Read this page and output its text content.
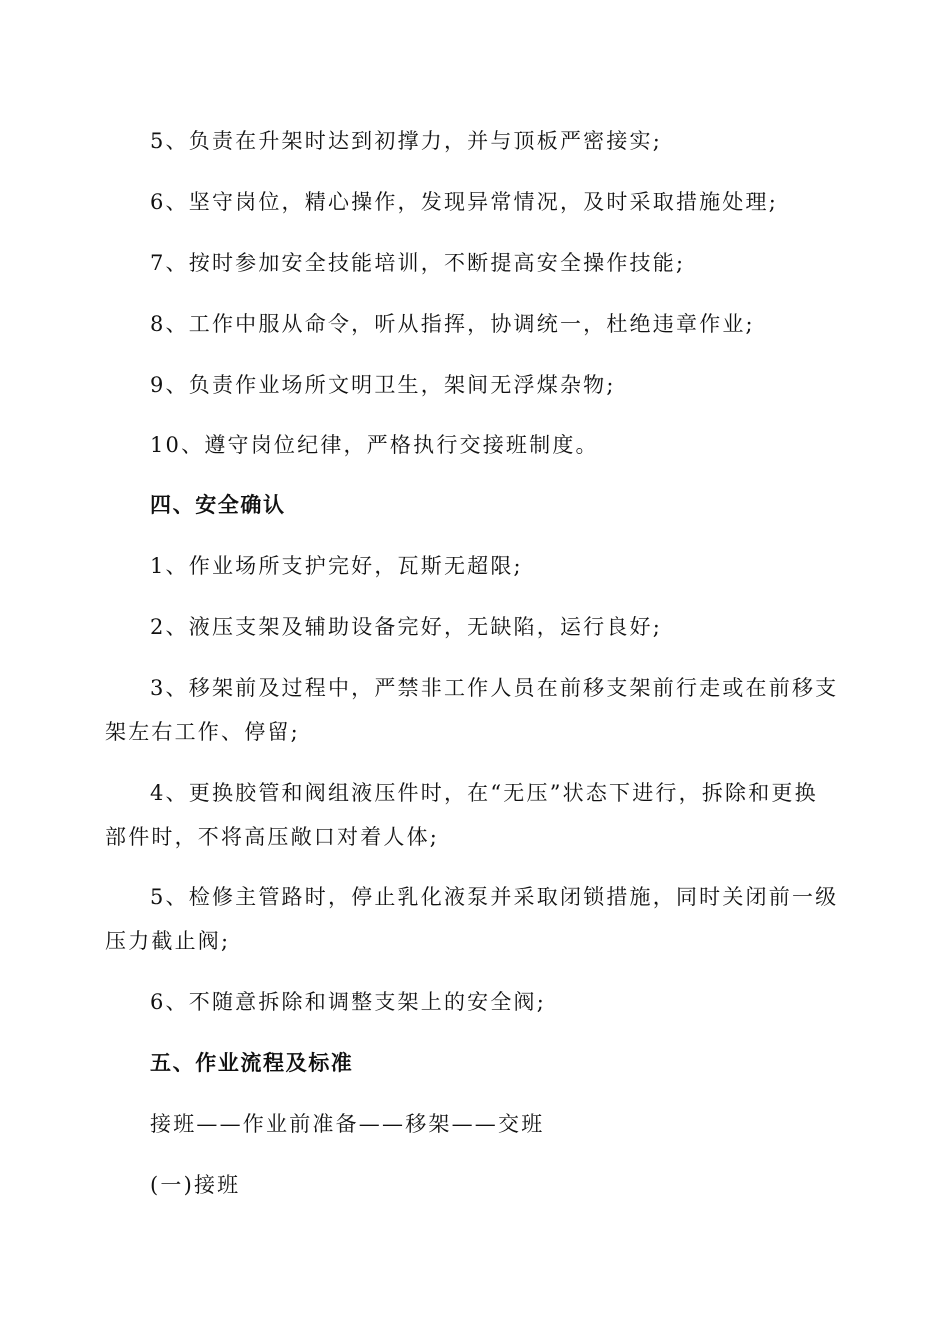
5、负责在升架时达到初撑力，并与顶板严密接实;
6、坚守岗位，精心操作，发现异常情况，及时采取措施处理;
7、按时参加安全技能培训，不断提高安全操作技能;
8、工作中服从命令，听从指挥，协调统一，杜绝违章作业;
9、负责作业场所文明卫生，架间无浮煤杂物;
10、遵守岗位纪律，严格执行交接班制度。
四、安全确认
1、作业场所支护完好，瓦斯无超限;
2、液压支架及辅助设备完好，无缺陷，运行良好;
3、移架前及过程中，严禁非工作人员在前移支架前行走或在前移支
架左右工作、停留;
4、更换胶管和阀组液压件时，在“无压”状态下进行，拆除和更换
部件时，不将高压敞口对着人体;
5、检修主管路时，停止乳化液泵并采取闭锁措施，同时关闭前一级
压力截止阀;
6、不随意拆除和调整支架上的安全阀;
五、作业流程及标准
接班——作业前准备——移架——交班
(一)接班
